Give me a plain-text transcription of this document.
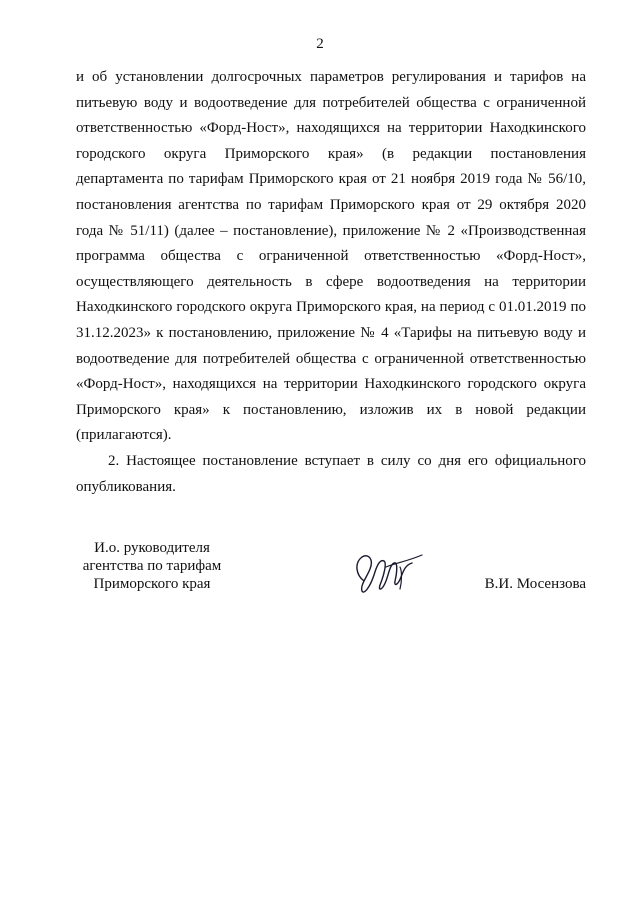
2

и об установлении долгосрочных параметров регулирования и тарифов на питьевую воду и водоотведение для потребителей общества с ограниченной ответственностью «Форд-Ност», находящихся на территории Находкинского городского округа Приморского края» (в редакции постановления департамента по тарифам Приморского края от 21 ноября 2019 года № 56/10, постановления агентства по тарифам Приморского края от 29 октября 2020 года № 51/11) (далее – постановление), приложение № 2 «Производственная программа общества с ограниченной ответственностью «Форд-Ност», осуществляющего деятельность в сфере водоотведения на территории Находкинского городского округа Приморского края, на период с 01.01.2019 по 31.12.2023» к постановлению, приложение № 4 «Тарифы на питьевую воду и водоотведение для потребителей общества с ограниченной ответственностью «Форд-Ност», находящихся на территории Находкинского городского округа Приморского края» к постановлению, изложив их в новой редакции (прилагаются).

2. Настоящее постановление вступает в силу со дня его официального опубликования.

И.о. руководителя
агентства по тарифам
Приморского края	В.И. Мосензова
